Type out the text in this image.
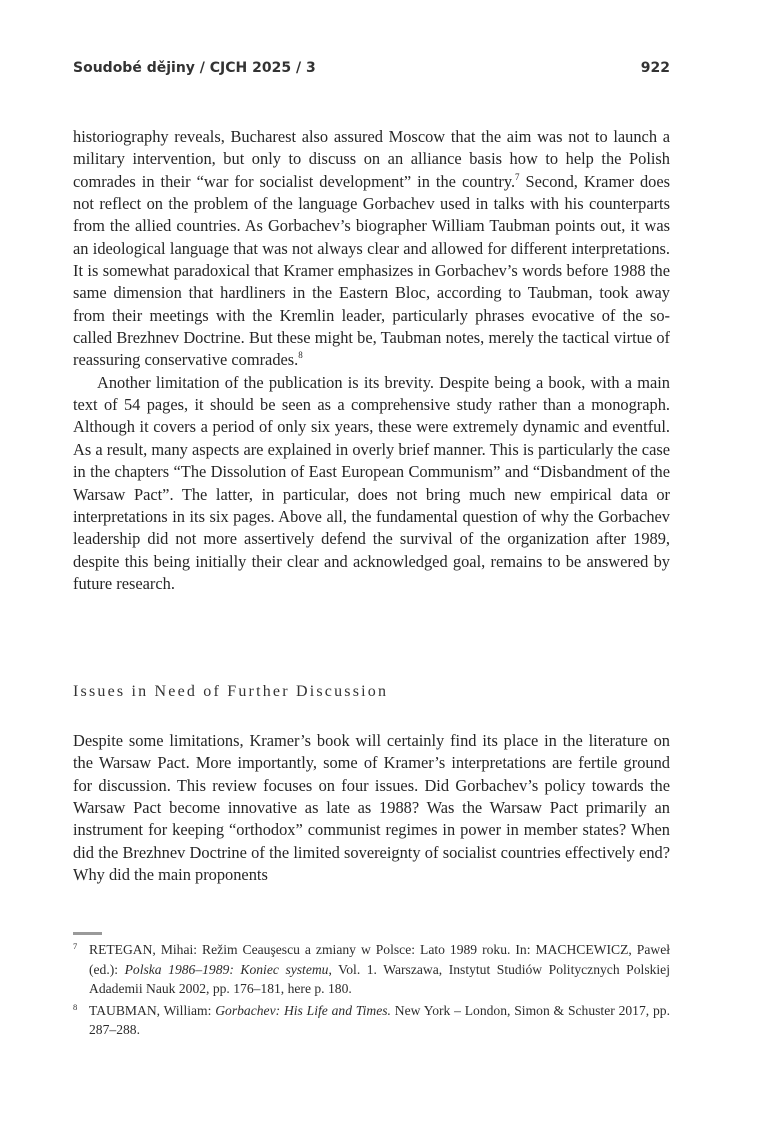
Soudobé dějiny / CJCH 2025 / 3	922

historiography reveals, Bucharest also assured Moscow that the aim was not to launch a military intervention, but only to discuss on an alliance basis how to help the Polish comrades in their “war for socialist development” in the country.$^7$ Second, Kramer does not reflect on the problem of the language Gorbachev used in talks with his counterparts from the allied countries. As Gorbachev’s biographer William Taubman points out, it was an ideological language that was not always clear and allowed for different interpretations. It is somewhat paradoxical that Kramer emphasizes in Gorbachev’s words before 1988 the same dimension that hardliners in the Eastern Bloc, according to Taubman, took away from their meetings with the Kremlin leader, particularly phrases evocative of the so-called Brezhnev Doctrine. But these might be, Taubman notes, merely the tactical virtue of reassuring conservative comrades.$^8$

Another limitation of the publication is its brevity. Despite being a book, with a main text of 54 pages, it should be seen as a comprehensive study rather than a monograph. Although it covers a period of only six years, these were extremely dynamic and eventful. As a result, many aspects are explained in overly brief manner. This is particularly the case in the chapters “The Dissolution of East European Communism” and “Disbandment of the Warsaw Pact”. The latter, in particular, does not bring much new empirical data or interpretations in its six pages. Above all, the fundamental question of why the Gorbachev leadership did not more assertively defend the survival of the organization after 1989, despite this being initially their clear and acknowledged goal, remains to be answered by future research.

Issues in Need of Further Discussion

Despite some limitations, Kramer’s book will certainly find its place in the literature on the Warsaw Pact. More importantly, some of Kramer’s interpretations are fertile ground for discussion. This review focuses on four issues. Did Gorbachev’s policy towards the Warsaw Pact become innovative as late as 1988? Was the Warsaw Pact primarily an instrument for keeping “orthodox” communist regimes in power in member states? When did the Brezhnev Doctrine of the limited sovereignty of socialist countries effectively end? Why did the main proponents

7 RETEGAN, Mihai: Režim Ceauşescu a zmiany w Polsce: Lato 1989 roku. In: MACHCEWICZ, Paweł (ed.): Polska 1986–1989: Koniec systemu, Vol. 1. Warszawa, Instytut Studiów Politycznych Polskiej Adademii Nauk 2002, pp. 176–181, here p. 180.
8 TAUBMAN, William: Gorbachev: His Life and Times. New York – London, Simon & Schuster 2017, pp. 287–288.
